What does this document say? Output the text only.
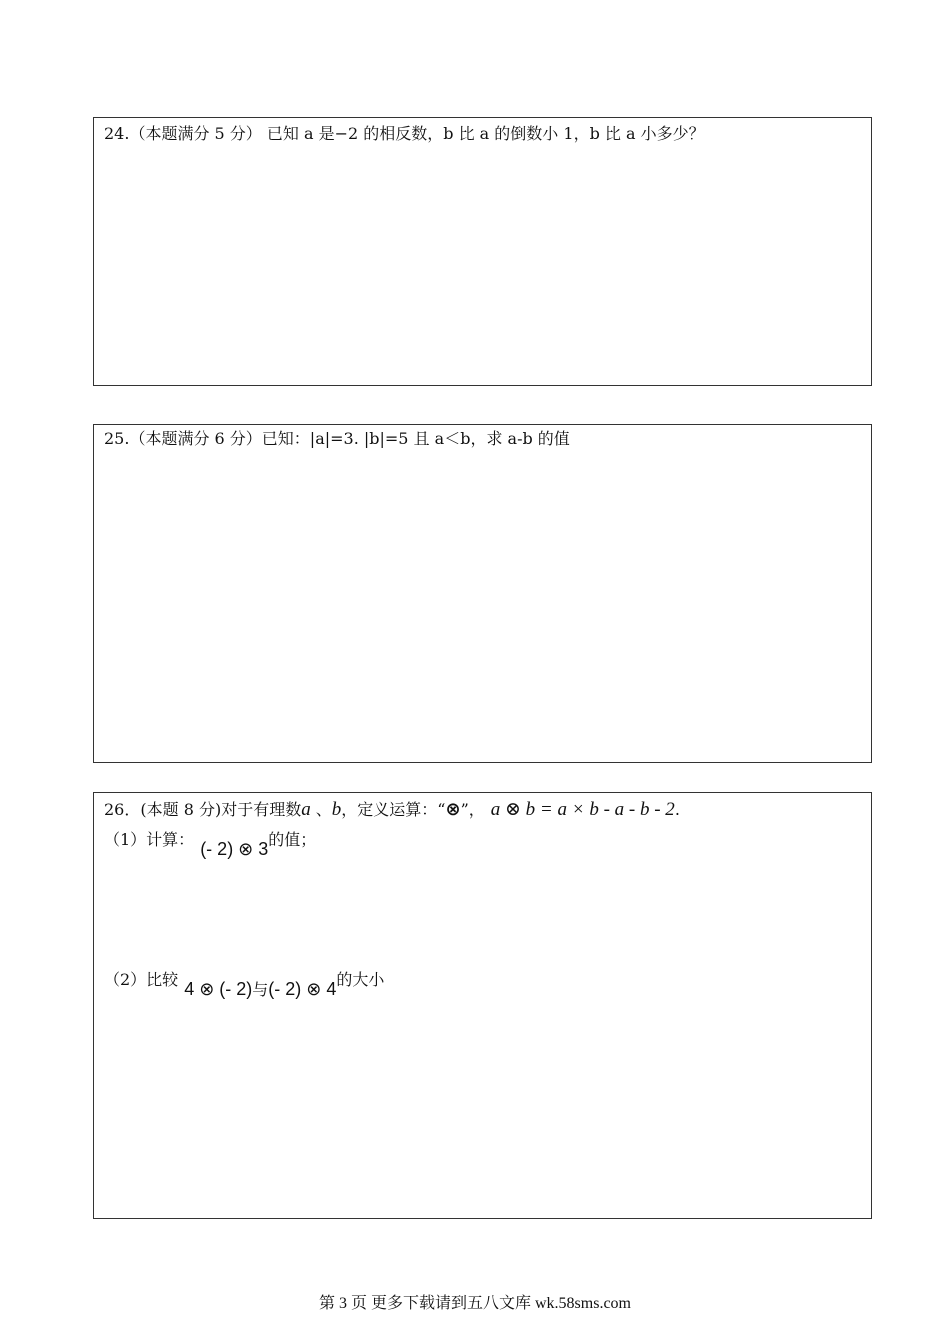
24.（本题满分 5 分） 已知 a 是−2 的相反数，b 比 a 的倒数小 1，b 比 a 小多少？
25.（本题满分 6 分）已知：|a|=3. |b|=5 且 a＜b，求 a-b 的值
26．(本题 8 分)对于有理数a 、b，定义运算：“⊗”， a ⊗ b = a × b - a - b - 2.
（1）计算： (- 2) ⊗ 3的值；
（2）比较 4 ⊗ (- 2)与(- 2) ⊗ 4的大小
第 3 页 更多下载请到五八文库 wk.58sms.com
